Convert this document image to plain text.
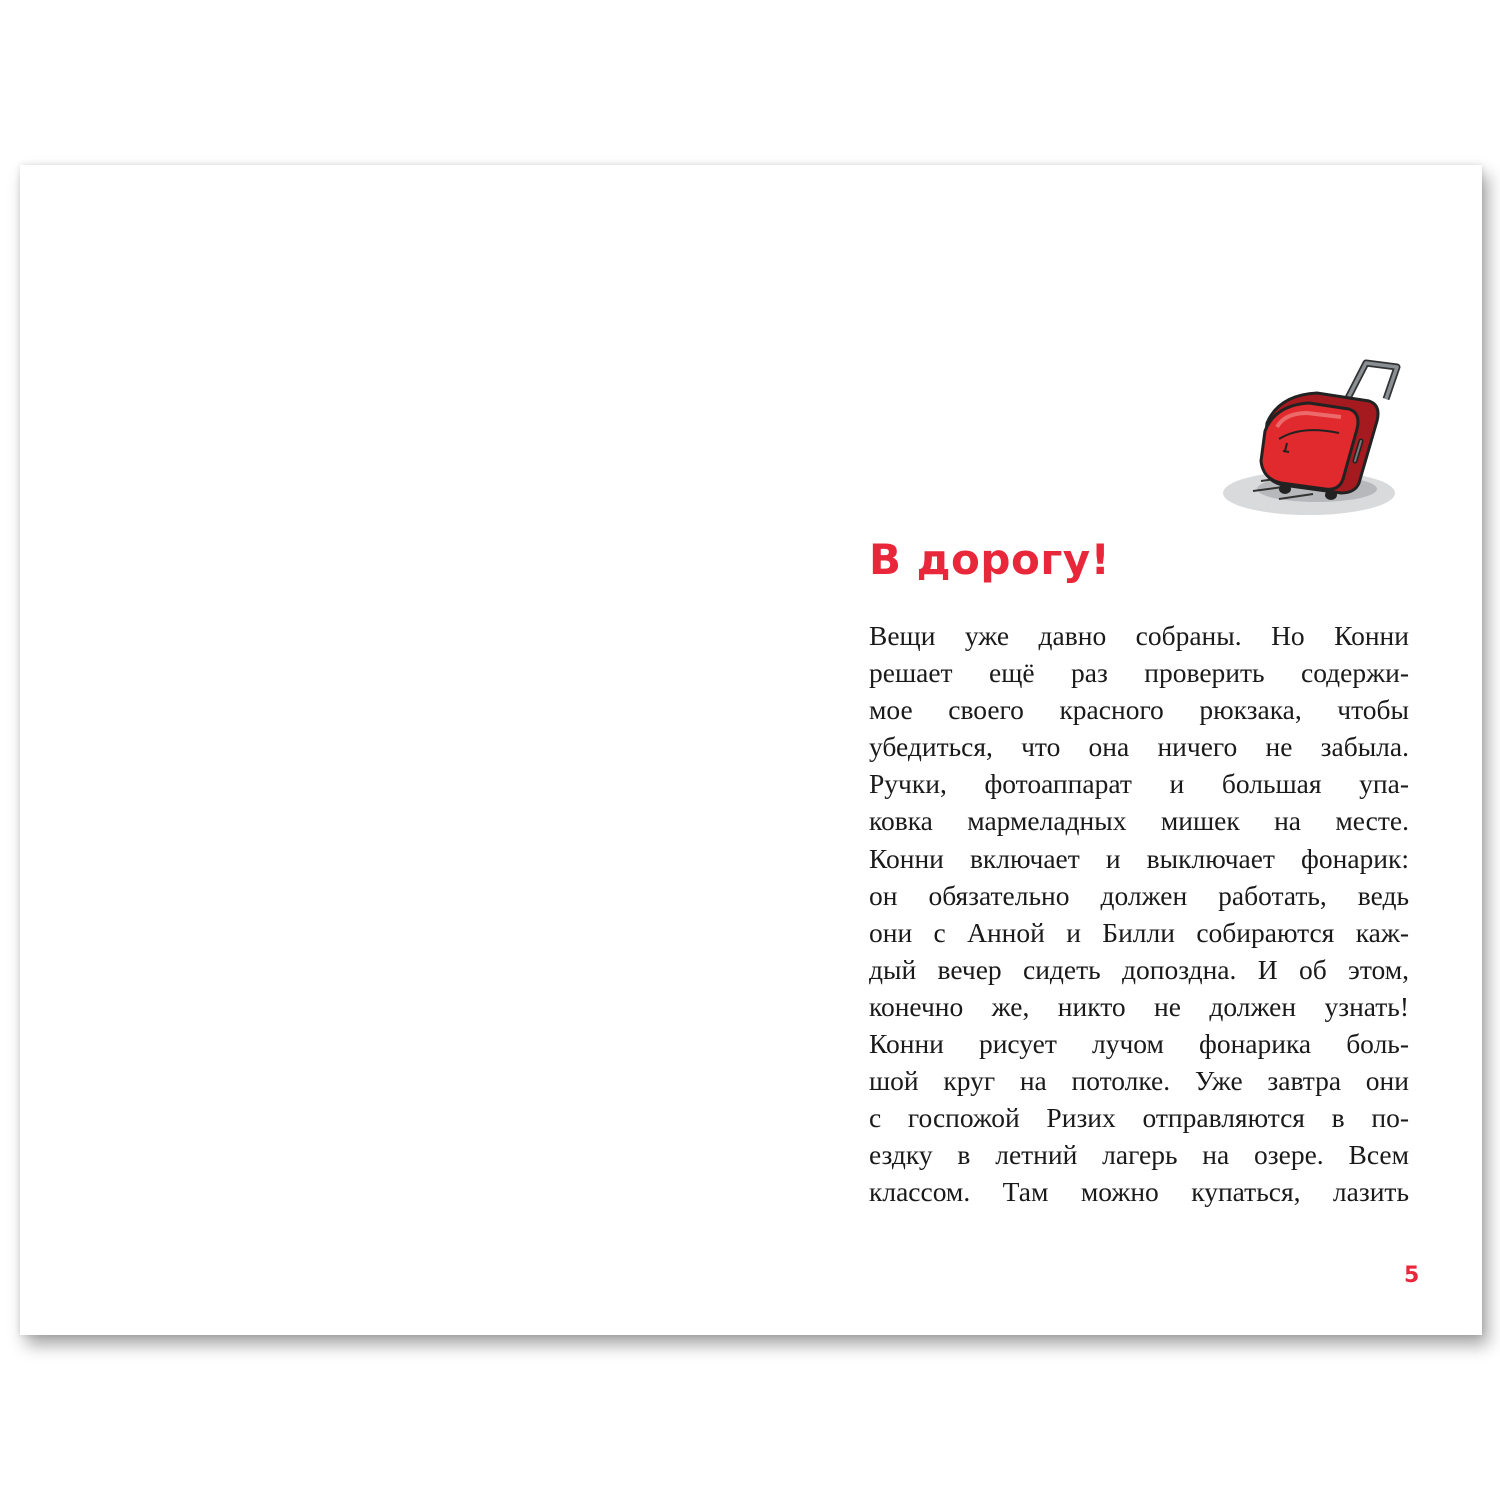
В дорогу!

Вещи уже давно собраны. Но Конни
решает ещё раз проверить содержи-
мое своего красного рюкзака, чтобы
убедиться, что она ничего не забыла.
Ручки, фотоаппарат и большая упа-
ковка мармеладных мишек на месте.
Конни включает и выключает фонарик:
он обязательно должен работать, ведь
они с Анной и Билли собираются каж-
дый вечер сидеть допоздна. И об этом,
конечно же, никто не должен узнать!
Конни рисует лучом фонарика боль-
шой круг на потолке. Уже завтра они
с госпожой Ризих отправляются в по-
ездку в летний лагерь на озере. Всем
классом. Там можно купаться, лазить

5
